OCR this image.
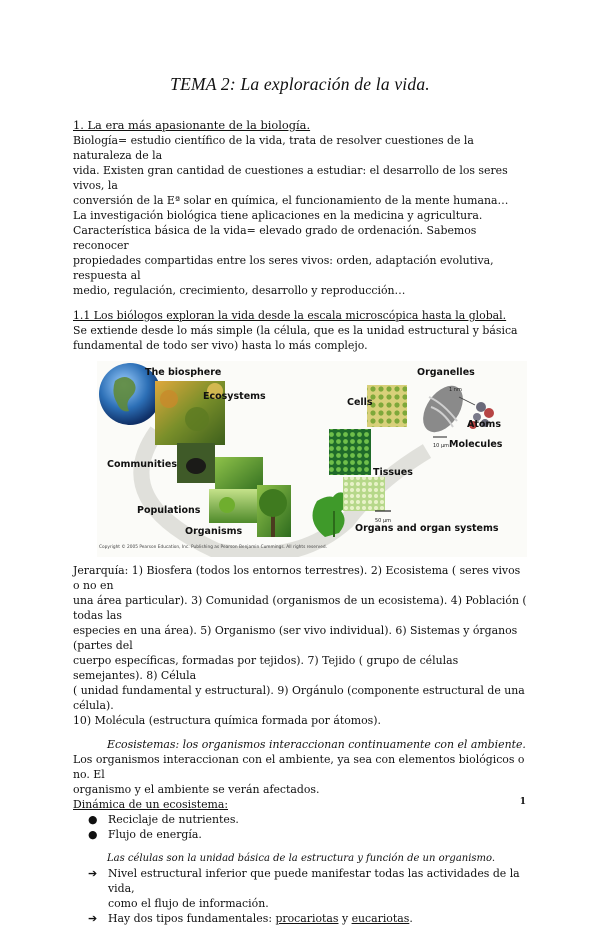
TEMA 2: La exploración de la vida.

1. La era más apasionante de la biología.

Biología= estudio científico de la vida, trata de resolver cuestiones de la naturaleza de la

vida. Existen gran cantidad de cuestiones a estudiar: el desarrollo de los seres vivos, la

conversión de la Eª solar en química, el funcionamiento de la mente humana…

La investigación biológica tiene aplicaciones en la medicina y agricultura.

Característica básica de la vida= elevado grado de ordenación. Sabemos reconocer

propiedades compartidas entre los seres vivos: orden, adaptación evolutiva, respuesta al

medio, regulación, crecimiento, desarrollo y reproducción…

1.1 Los biólogos exploran la vida desde la escala microscópica hasta la global.

Se extiende desde lo más simple (la célula, que es la unidad estructural y básica

fundamental de todo ser vivo) hasta lo más complejo.

The biosphere
Ecosystems
Communities
Populations
Organisms
Cells
Organelles
Atoms
Molecules
Tissues
Organs and organ systems
1 nm
10 µm
50 µm
Copyright © 2005 Pearson Education, Inc. Publishing as Pearson Benjamin Cummings. All rights reserved.

Jerarquía: 1) Biosfera (todos los entornos terrestres). 2) Ecosistema ( seres vivos o no en

una área particular). 3) Comunidad (organismos de un ecosistema). 4) Población ( todas las

especies en una área). 5) Organismo (ser vivo individual). 6) Sistemas y órganos (partes del

cuerpo específicas, formadas por tejidos). 7) Tejido ( grupo de células semejantes). 8) Célula

( unidad fundamental y estructural). 9) Orgánulo (componente estructural de una célula).

10) Molécula (estructura química formada por átomos).

Ecosistemas: los organismos interaccionan continuamente con el ambiente.

Los organismos interaccionan con el ambiente, ya sea con elementos biológicos o no. El

organismo y el ambiente se verán afectados.

Dinámica de un ecosistema:

● Reciclaje de nutrientes.
● Flujo de energía.

Las células son la unidad básica de la estructura y función de un organismo.

➔ Nivel estructural inferior que puede manifestar todas las actividades de la vida,
como el flujo de información.
➔ Hay dos tipos fundamentales: procariotas y eucariotas.
1
